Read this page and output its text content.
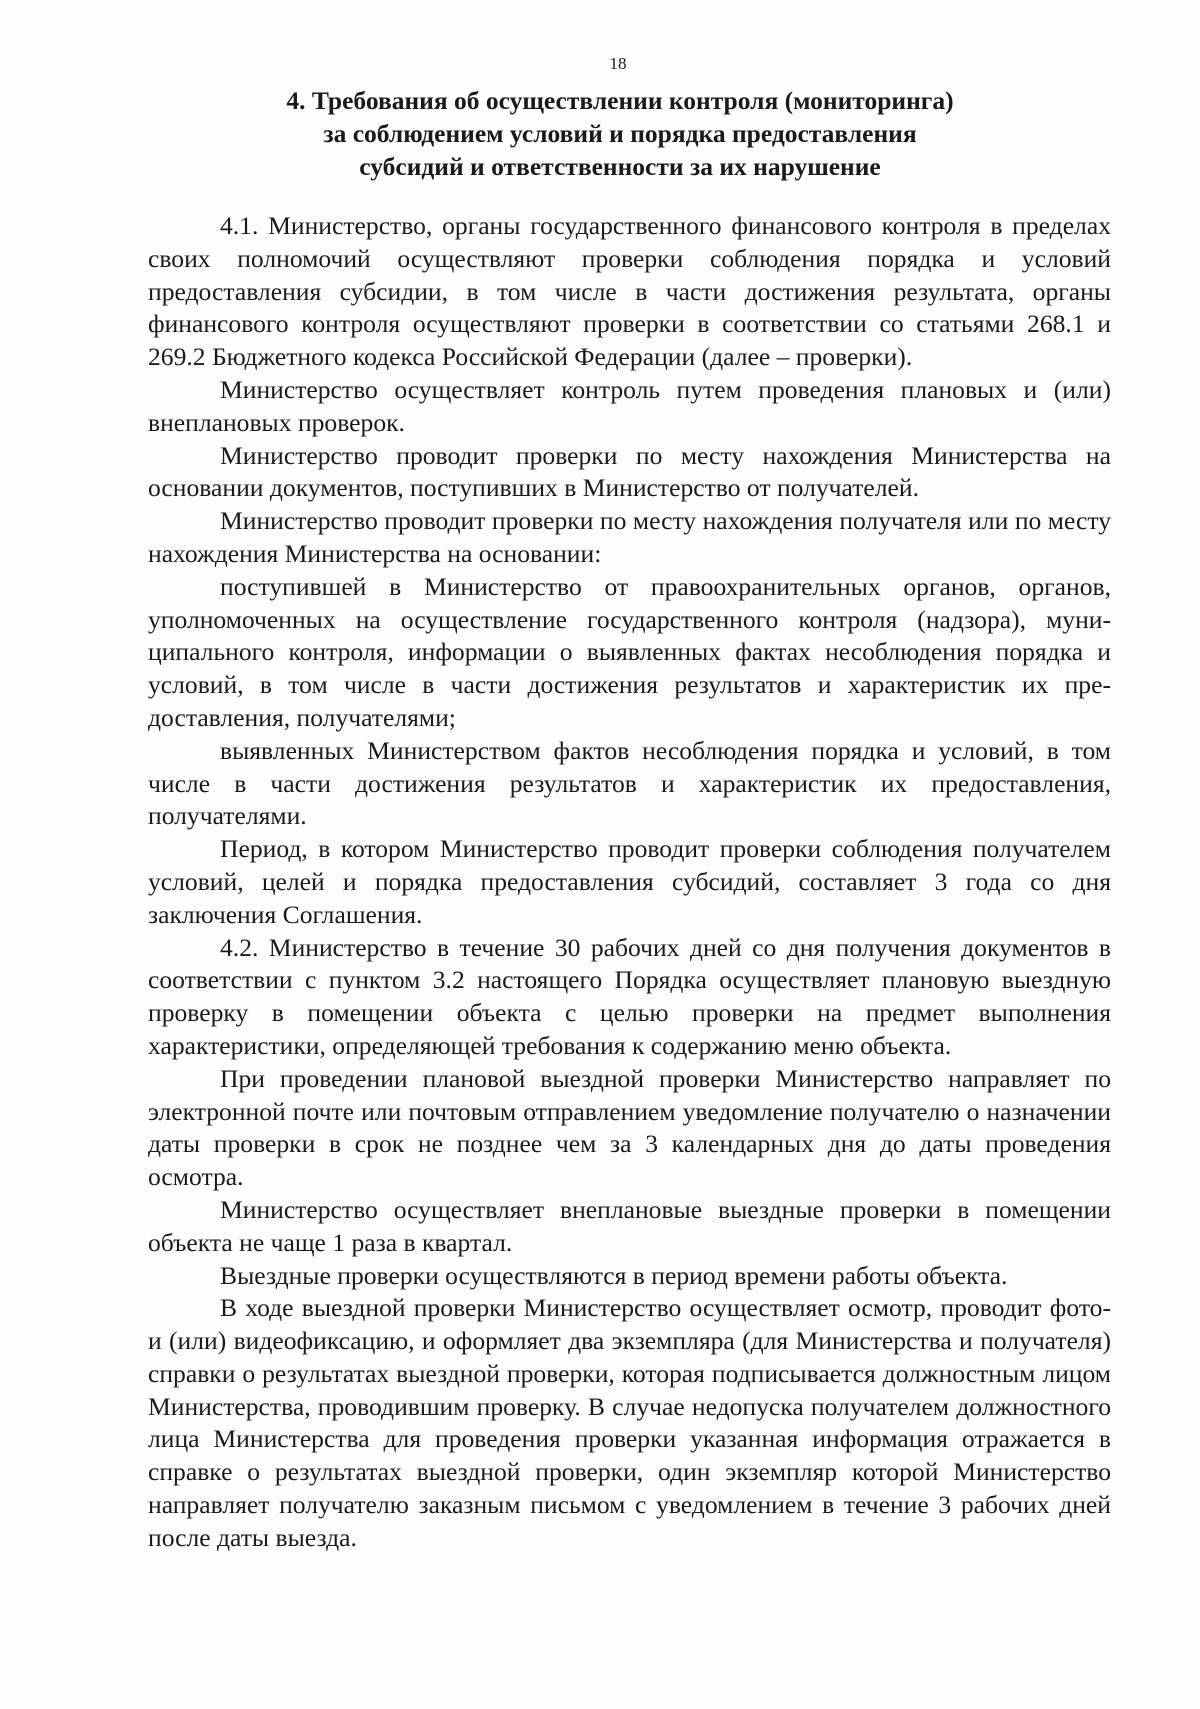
18
4. Требования об осуществлении контроля (мониторинга)
за соблюдением условий и порядка предоставления
субсидий и ответственности за их нарушение

4.1. Министерство, органы государственного финансового контроля в пределах своих полномочий осуществляют проверки соблюдения порядка и условий предоставления субсидии, в том числе в части достижения результата, органы финансового контроля осуществляют проверки в соответствии со статьями 268.1 и 269.2 Бюджетного кодекса Российской Федерации (далее – проверки).

Министерство осуществляет контроль путем проведения плановых и (или) внеплановых проверок.

Министерство проводит проверки по месту нахождения Министерства на основании документов, поступивших в Министерство от получателей.

Министерство проводит проверки по месту нахождения получателя или по месту нахождения Министерства на основании:

поступившей в Министерство от правоохранительных органов, органов, уполномоченных на осуществление государственного контроля (надзора), муниципального контроля, информации о выявленных фактах несоблюдения порядка и условий, в том числе в части достижения результатов и характеристик их предоставления, получателями;

выявленных Министерством фактов несоблюдения порядка и условий, в том числе в части достижения результатов и характеристик их предоставления, получателями.

Период, в котором Министерство проводит проверки соблюдения получателем условий, целей и порядка предоставления субсидий, составляет 3 года со дня заключения Соглашения.

4.2. Министерство в течение 30 рабочих дней со дня получения документов в соответствии с пунктом 3.2 настоящего Порядка осуществляет плановую выездную проверку в помещении объекта с целью проверки на предмет выполнения характеристики, определяющей требования к содержанию меню объекта.

При проведении плановой выездной проверки Министерство направляет по электронной почте или почтовым отправлением уведомление получателю о назначении даты проверки в срок не позднее чем за 3 календарных дня до даты проведения осмотра.

Министерство осуществляет внеплановые выездные проверки в помещении объекта не чаще 1 раза в квартал.

Выездные проверки осуществляются в период времени работы объекта.

В ходе выездной проверки Министерство осуществляет осмотр, проводит фото- и (или) видеофиксацию, и оформляет два экземпляра (для Министерства и получателя) справки о результатах выездной проверки, которая подписывается должностным лицом Министерства, проводившим проверку. В случае недопуска получателем должностного лица Министерства для проведения проверки указанная информация отражается в справке о результатах выездной проверки, один экземпляр которой Министерство направляет получателю заказным письмом с уведомлением в течение 3 рабочих дней после даты выезда.
